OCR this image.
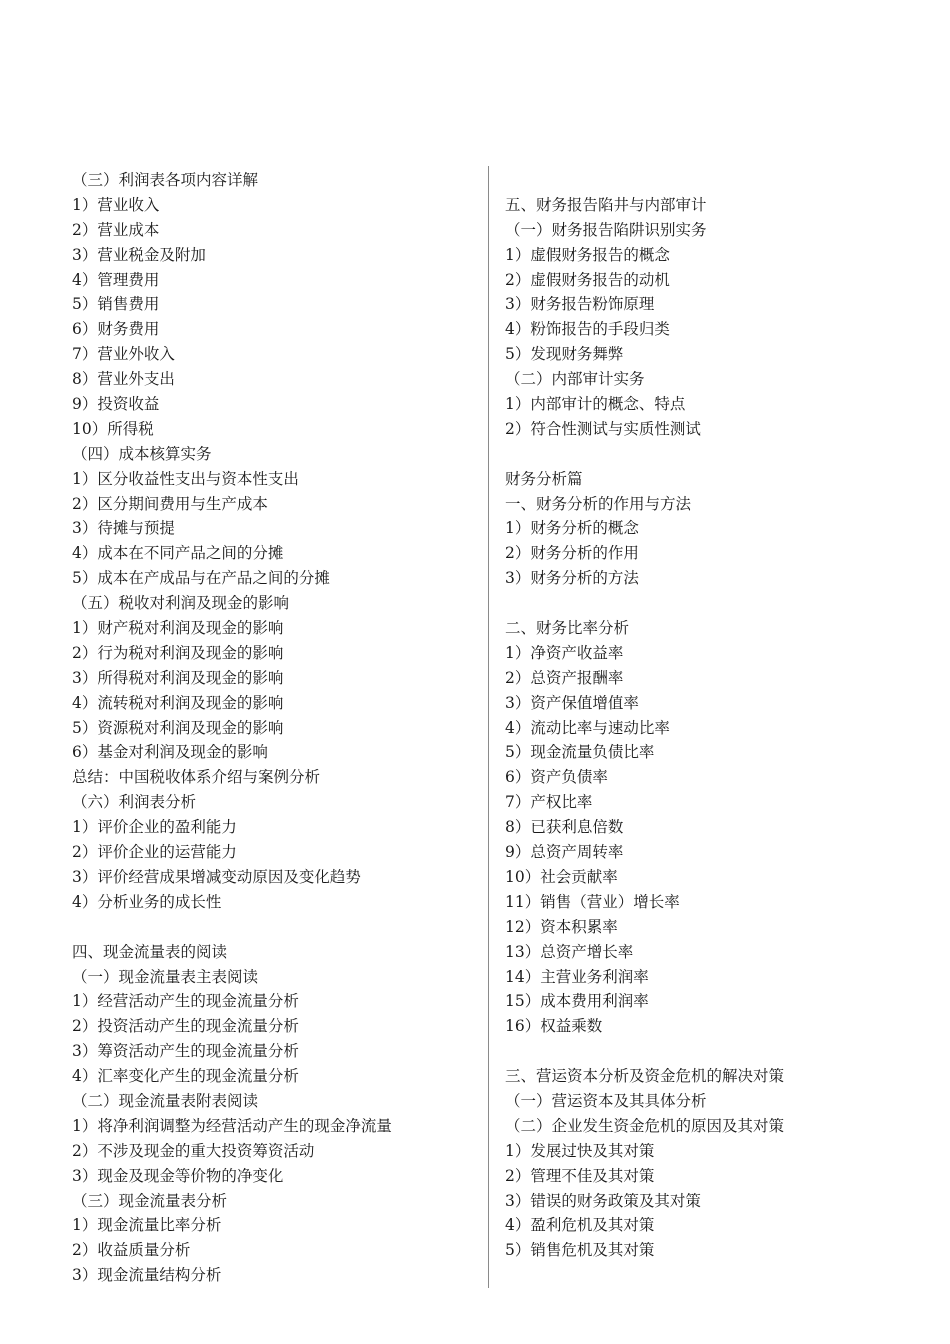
（三）利润表各项内容详解
1）营业收入
2）营业成本
3）营业税金及附加
4）管理费用
5）销售费用
6）财务费用
7）营业外收入
8）营业外支出
9）投资收益
10）所得税
（四）成本核算实务
1）区分收益性支出与资本性支出
2）区分期间费用与生产成本
3）待摊与预提
4）成本在不同产品之间的分摊
5）成本在产成品与在产品之间的分摊
（五）税收对利润及现金的影响
1）财产税对利润及现金的影响
2）行为税对利润及现金的影响
3）所得税对利润及现金的影响
4）流转税对利润及现金的影响
5）资源税对利润及现金的影响
6）基金对利润及现金的影响
总结：中国税收体系介绍与案例分析
（六）利润表分析
1）评价企业的盈利能力
2）评价企业的运营能力
3）评价经营成果增减变动原因及变化趋势
4）分析业务的成长性
四、现金流量表的阅读
（一）现金流量表主表阅读
1）经营活动产生的现金流量分析
2）投资活动产生的现金流量分析
3）筹资活动产生的现金流量分析
4）汇率变化产生的现金流量分析
（二）现金流量表附表阅读
1）将净利润调整为经营活动产生的现金净流量
2）不涉及现金的重大投资筹资活动
3）现金及现金等价物的净变化
（三）现金流量表分析
1）现金流量比率分析
2）收益质量分析
3）现金流量结构分析
五、财务报告陷井与内部审计
（一）财务报告陷阱识别实务
1）虚假财务报告的概念
2）虚假财务报告的动机
3）财务报告粉饰原理
4）粉饰报告的手段归类
5）发现财务舞弊
（二）内部审计实务
1）内部审计的概念、特点
2）符合性测试与实质性测试
财务分析篇
一、财务分析的作用与方法
1）财务分析的概念
2）财务分析的作用
3）财务分析的方法
二、财务比率分析
1）净资产收益率
2）总资产报酬率
3）资产保值增值率
4）流动比率与速动比率
5）现金流量负债比率
6）资产负债率
7）产权比率
8）已获利息倍数
9）总资产周转率
10）社会贡献率
11）销售（营业）增长率
12）资本积累率
13）总资产增长率
14）主营业务利润率
15）成本费用利润率
16）权益乘数
三、营运资本分析及资金危机的解决对策
（一）营运资本及其具体分析
（二）企业发生资金危机的原因及其对策
1）发展过快及其对策
2）管理不佳及其对策
3）错误的财务政策及其对策
4）盈利危机及其对策
5）销售危机及其对策
